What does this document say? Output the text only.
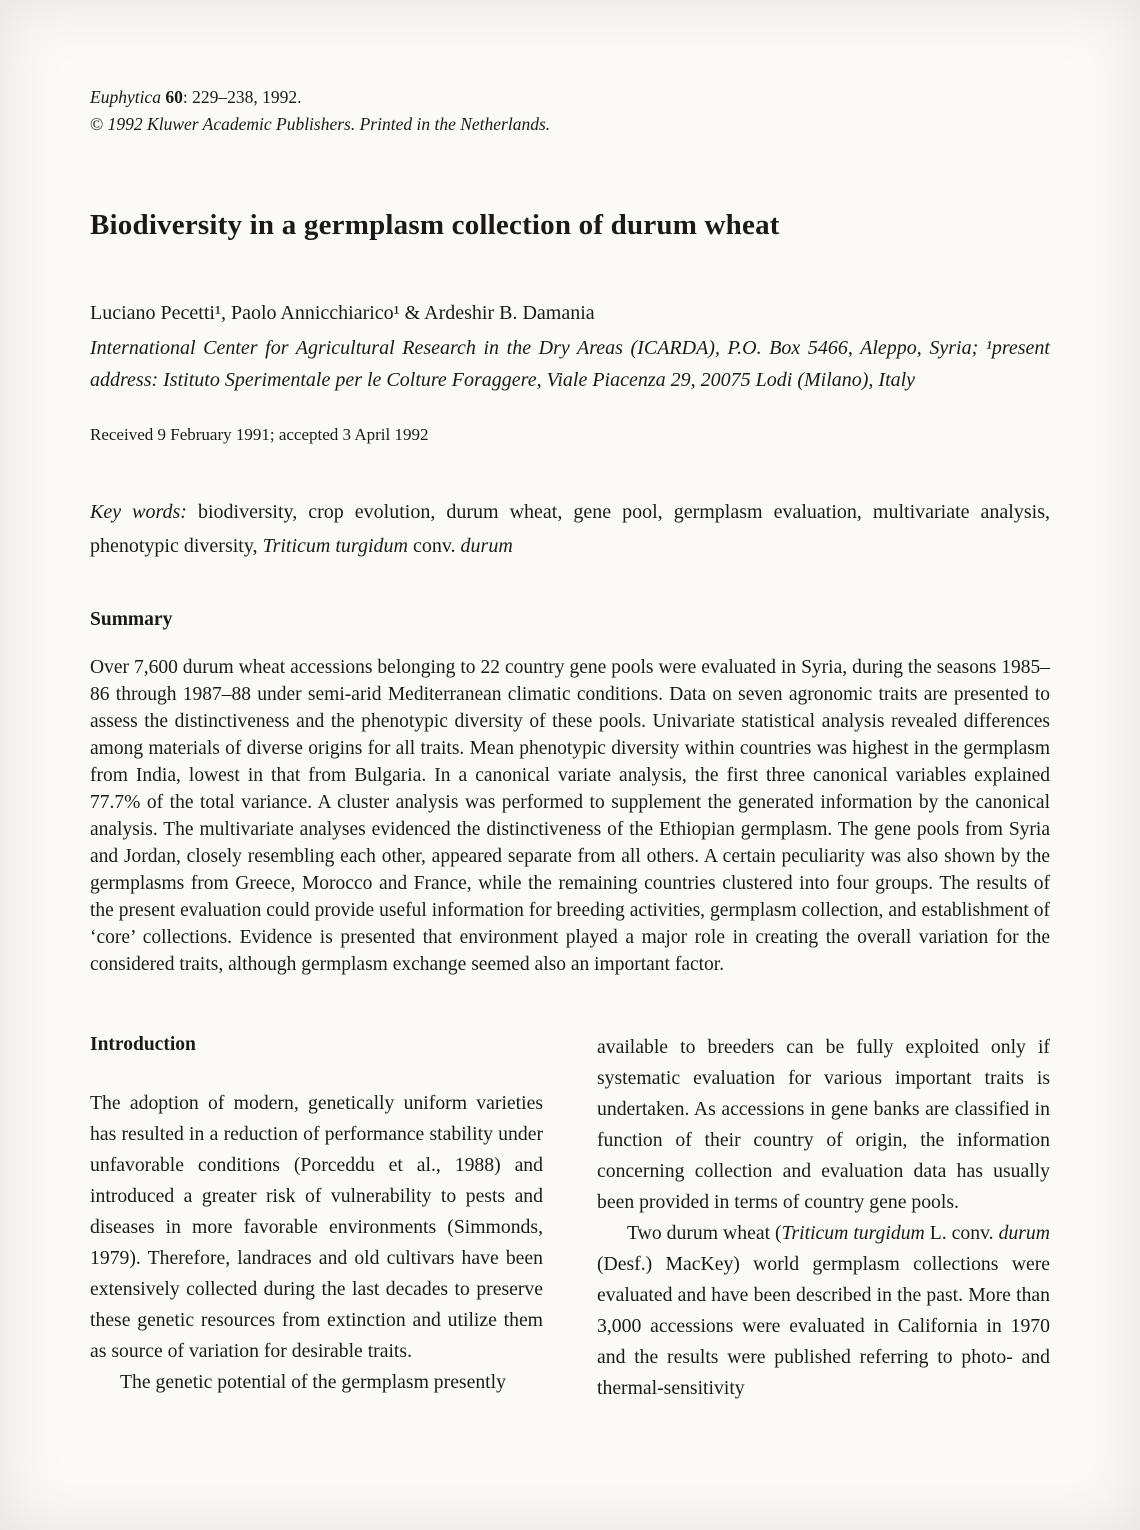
Euphytica 60: 229–238, 1992.
© 1992 Kluwer Academic Publishers. Printed in the Netherlands.
Biodiversity in a germplasm collection of durum wheat
Luciano Pecetti¹, Paolo Annicchiarico¹ & Ardeshir B. Damania
International Center for Agricultural Research in the Dry Areas (ICARDA), P.O. Box 5466, Aleppo, Syria; ¹present address: Istituto Sperimentale per le Colture Foraggere, Viale Piacenza 29, 20075 Lodi (Milano), Italy
Received 9 February 1991; accepted 3 April 1992
Key words: biodiversity, crop evolution, durum wheat, gene pool, germplasm evaluation, multivariate analysis, phenotypic diversity, Triticum turgidum conv. durum
Summary

Over 7,600 durum wheat accessions belonging to 22 country gene pools were evaluated in Syria, during the seasons 1985–86 through 1987–88 under semi-arid Mediterranean climatic conditions. Data on seven agronomic traits are presented to assess the distinctiveness and the phenotypic diversity of these pools. Univariate statistical analysis revealed differences among materials of diverse origins for all traits. Mean phenotypic diversity within countries was highest in the germplasm from India, lowest in that from Bulgaria. In a canonical variate analysis, the first three canonical variables explained 77.7% of the total variance. A cluster analysis was performed to supplement the generated information by the canonical analysis. The multivariate analyses evidenced the distinctiveness of the Ethiopian germplasm. The gene pools from Syria and Jordan, closely resembling each other, appeared separate from all others. A certain peculiarity was also shown by the germplasms from Greece, Morocco and France, while the remaining countries clustered into four groups. The results of the present evaluation could provide useful information for breeding activities, germplasm collection, and establishment of ‘core’ collections. Evidence is presented that environment played a major role in creating the overall variation for the considered traits, although germplasm exchange seemed also an important factor.

Introduction

The adoption of modern, genetically uniform varieties has resulted in a reduction of performance stability under unfavorable conditions (Porceddu et al., 1988) and introduced a greater risk of vulnerability to pests and diseases in more favorable environments (Simmonds, 1979). Therefore, landraces and old cultivars have been extensively collected during the last decades to preserve these genetic resources from extinction and utilize them as source of variation for desirable traits.

The genetic potential of the germplasm presently

available to breeders can be fully exploited only if systematic evaluation for various important traits is undertaken. As accessions in gene banks are classified in function of their country of origin, the information concerning collection and evaluation data has usually been provided in terms of country gene pools.

Two durum wheat (Triticum turgidum L. conv. durum (Desf.) MacKey) world germplasm collections were evaluated and have been described in the past. More than 3,000 accessions were evaluated in California in 1970 and the results were published referring to photo- and thermal-sensitivity
